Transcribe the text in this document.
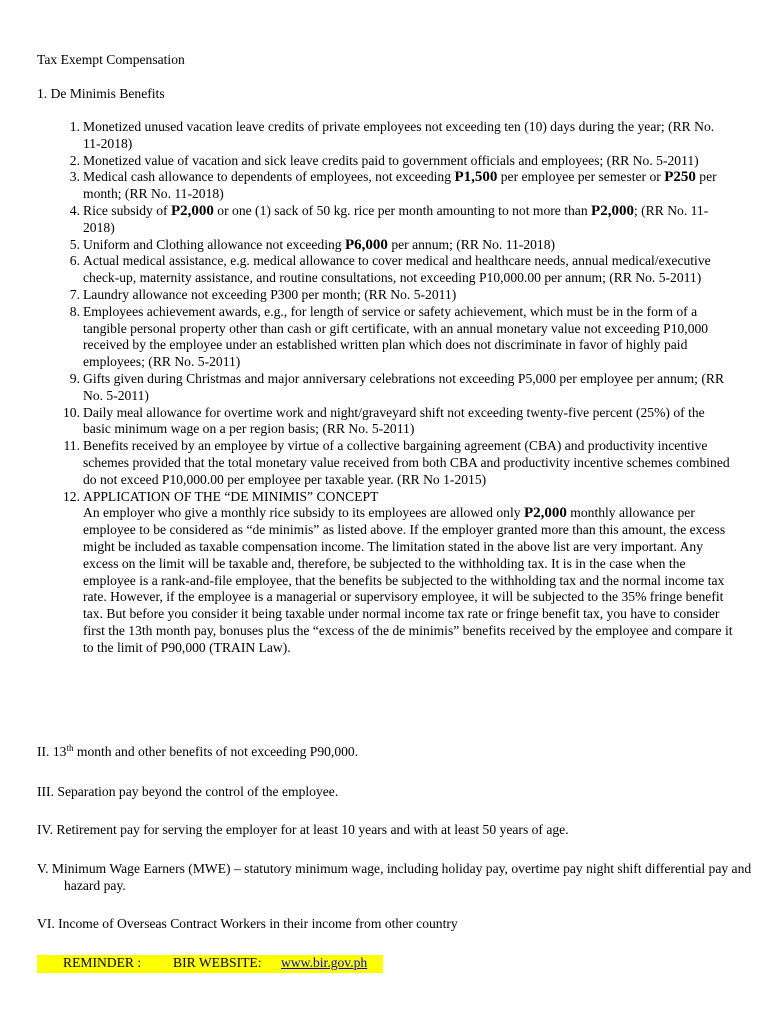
Tax Exempt Compensation
1. De Minimis Benefits
1. Monetized unused vacation leave credits of private employees not exceeding ten (10) days during the year; (RR No. 11-2018)
2. Monetized value of vacation and sick leave credits paid to government officials and employees; (RR No. 5-2011)
3. Medical cash allowance to dependents of employees, not exceeding P1,500 per employee per semester or P250 per month; (RR No. 11-2018)
4. Rice subsidy of P2,000 or one (1) sack of 50 kg. rice per month amounting to not more than P2,000; (RR No. 11-2018)
5. Uniform and Clothing allowance not exceeding P6,000 per annum; (RR No. 11-2018)
6. Actual medical assistance, e.g. medical allowance to cover medical and healthcare needs, annual medical/executive check-up, maternity assistance, and routine consultations, not exceeding P10,000.00 per annum; (RR No. 5-2011)
7. Laundry allowance not exceeding P300 per month; (RR No. 5-2011)
8. Employees achievement awards, e.g., for length of service or safety achievement, which must be in the form of a tangible personal property other than cash or gift certificate, with an annual monetary value not exceeding P10,000 received by the employee under an established written plan which does not discriminate in favor of highly paid employees; (RR No. 5-2011)
9. Gifts given during Christmas and major anniversary celebrations not exceeding P5,000 per employee per annum; (RR No. 5-2011)
10. Daily meal allowance for overtime work and night/graveyard shift not exceeding twenty-five percent (25%) of the basic minimum wage on a per region basis; (RR No. 5-2011)
11. Benefits received by an employee by virtue of a collective bargaining agreement (CBA) and productivity incentive schemes provided that the total monetary value received from both CBA and productivity incentive schemes combined do not exceed P10,000.00 per employee per taxable year. (RR No 1-2015)
12. APPLICATION OF THE “DE MINIMIS” CONCEPT
An employer who give a monthly rice subsidy to its employees are allowed only P2,000 monthly allowance per employee to be considered as “de minimis” as listed above. If the employer granted more than this amount, the excess might be included as taxable compensation income. The limitation stated in the above list are very important. Any excess on the limit will be taxable and, therefore, be subjected to the withholding tax. It is in the case when the employee is a rank-and-file employee, that the benefits be subjected to the withholding tax and the normal income tax rate. However, if the employee is a managerial or supervisory employee, it will be subjected to the 35% fringe benefit tax. But before you consider it being taxable under normal income tax rate or fringe benefit tax, you have to consider first the 13th month pay, bonuses plus the “excess of the de minimis” benefits received by the employee and compare it to the limit of P90,000 (TRAIN Law).
II. 13th month and other benefits of not exceeding P90,000.
III. Separation pay beyond the control of the employee.
IV. Retirement pay for serving the employer for at least 10 years and with at least 50 years of age.
V. Minimum Wage Earners (MWE) – statutory minimum wage, including holiday pay, overtime pay night shift differential pay and hazard pay.
VI. Income of Overseas Contract Workers in their income from other country
REMINDER : BIR WEBSITE: www.bir.gov.ph
